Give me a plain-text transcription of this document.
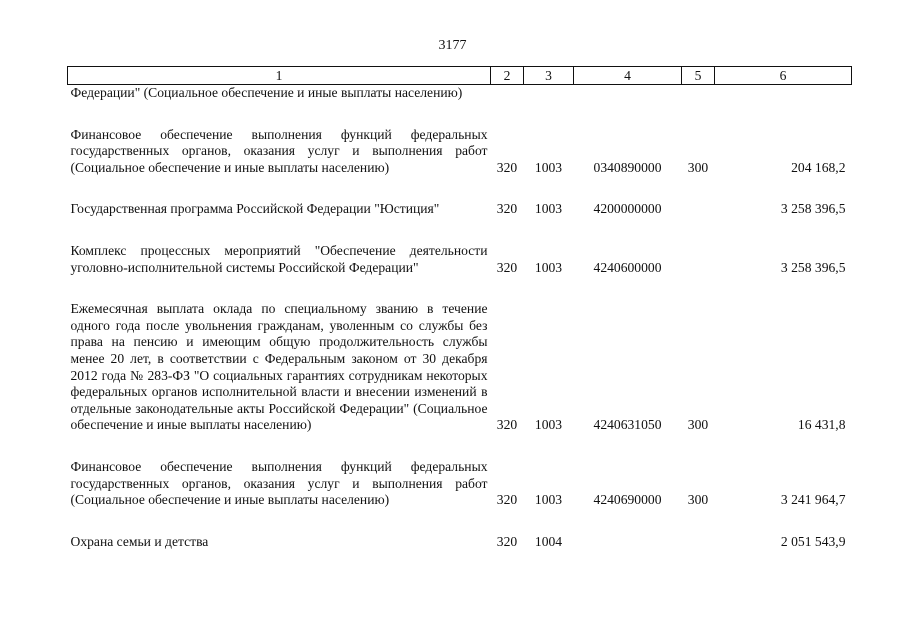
3177
1	2	3	4	5	6
Федерации" (Социальное обеспечение и иные выплаты населению)					
Финансовое обеспечение выполнения функций федеральных государственных органов, оказания услуг и выполнения работ (Социальное обеспечение и иные выплаты населению)	320	1003	0340890000	300	204 168,2
Государственная программа Российской Федерации "Юстиция"	320	1003	4200000000		3 258 396,5
Комплекс процессных мероприятий "Обеспечение деятельности уголовно-исполнительной системы Российской Федерации"	320	1003	4240600000		3 258 396,5
Ежемесячная выплата оклада по специальному званию в течение одного года после увольнения гражданам, уволенным со службы без права на пенсию и имеющим общую продолжительность службы менее 20 лет, в соответствии с Федеральным законом от 30 декабря 2012 года № 283-ФЗ "О социальных гарантиях сотрудникам некоторых федеральных органов исполнительной власти и внесении изменений в отдельные законодательные акты Российской Федерации" (Социальное обеспечение и иные выплаты населению)	320	1003	4240631050	300	16 431,8
Финансовое обеспечение выполнения функций федеральных государственных органов, оказания услуг и выполнения работ (Социальное обеспечение и иные выплаты населению)	320	1003	4240690000	300	3 241 964,7
Охрана семьи и детства	320	1004			2 051 543,9
